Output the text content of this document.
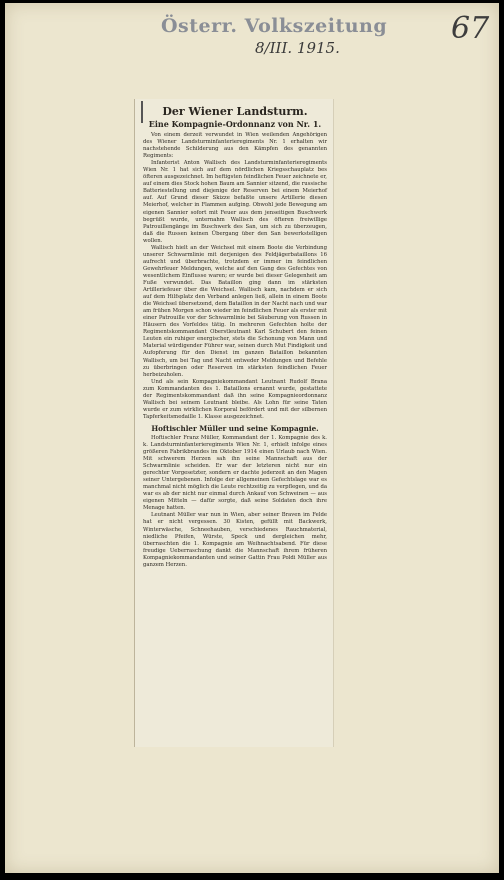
Österr. Volkszeitung
8/III. 1915.
67
Der Wiener Landsturm.
Eine Kompagnie-Ordonnanz von Nr. 1.

Von einem derzeit verwundet in Wien weilenden Angehörigen des Wiener Landsturminfanterieregiments Nr. 1 erhalten wir nachstehende Schilderung aus den Kämpfen des genannten Regiments:

Infanterist Anton Wallisch des Landsturminfanterieregiments Wien Nr. 1 hat sich auf dem nördlichen Kriegsschauplatz bes öfteren ausgezeichnet. Im heftigsten feindlichen Feuer zeichnete er, auf einem dies Stock hohen Baum am Sannier sitzend, die russische Batteriestellung und diejenige der Reserven bei einem Meierhof auf. Auf Grund dieser Skizze befaßte unsere Artillerie diesen Meierhof, welcher in Flammen aufging. Obwohl jede Bewegung am eigenen Sannier sofort mit Feuer aus dem jenseitigen Buschwerk begrüßt wurde, unternahm Wallisch des öfteren freiwillige Patrouillengänge im Buschwerk des San, um sich zu überzeugen, daß die Russen keinen Übergang über den San bewerkstelligen wollen.

Wallisch hielt an der Weichsel mit einem Boote die Verbindung unserer Schwarmlinie mit derjenigen des Feldjägerbataillons 16 aufrecht und überbrachte, trotzdem er immer im feindlichen Gewehrfeuer Meldungen, welche auf den Gang des Gefechtes von wesentlichem Einflusse waren; er wurde bei dieser Gelegenheit am Fuße verwundet. Das Bataillon ging dann im stärksten Artilleriefeuer über die Weichsel. Wallisch kam, nachdem er sich auf dem Hilfsplatz den Verband anlegen ließ, allein in einem Boote die Weichsel übersetzend, dem Bataillon in der Nacht nach und war am frühen Morgen schon wieder im feindlichen Feuer als erster mit einer Patrouille vor der Schwarmlinie bei Säuberung von Russen in Häusern des Vorfeldes tätig. In mehreren Gefechten holte der Regimentskommandant Oberstleutnant Karl Schubert den feinen Leuten ein ruhiger energischer, stets die Schonung von Mann und Material würdigender Führer war, seinen durch Mut Findigkeit und Aufopferung für den Dienst im ganzen Bataillon bekannten Wallisch, um bei Tag und Nacht entweder Meldungen und Befehle zu überbringen oder Reserven im stärksten feindlichen Feuer herbeizuholen.

Und als sein Kompagniekommandant Leutnant Rudolf Brana zum Kommandanten des 1. Bataillons ernannt wurde, gestattete der Regimentskommandant daß ihn seine Kompagnieordonnanz Wallisch bei seinem Leutnant bleibe. Als Lohn für seine Taten wurde er zum wirklichen Korporal befördert und mit der silbernen Tapferkeitsmedaille 1. Klasse ausgezeichnet.

Hoftischler Müller und seine Kompagnie.

Hoftischler Franz Müller, Kommandant der 1. Kompagnie des k. k. Landsturminfanterieregiments Wien Nr. 1, erhielt infolge eines größeren Fabrikbrandes im Oktober 1914 einen Urlaub nach Wien. Mit schwerem Herzen sah ihn seine Mannschaft aus der Schwarmlinie scheiden. Er war der letzteren nicht nur ein gerechter Vorgesetzter, sondern er dachte jederzeit an den Magen seiner Untergebenen. Infolge der allgemeinen Gefechtslage war es manchmal nicht möglich die Leute rechtzeitig zu verpflegen, und da war es ab der nicht nur einmal durch Ankauf von Schweinen — aus eigenen Mitteln — dafür sorgte, daß seine Soldaten doch ihre Menage hatten.

Leutnant Müller war nun in Wien, aber seiner Braven im Felde hat er nicht vergessen. 30 Kisten, gefüllt mit Backwerk, Winterwäsche, Schneehauben, verschiedenes Rauchmaterial, niedliche Pfeifen, Würste, Speck und dergleichen mehr, überraschten die 1. Kompagnie am Weihnachtsabend. Für diese freudige Ueberraschung dankt die Mannschaft ihrem früheren Kompagniekommandanten und seiner Gattin Frau Poldi Müller aus ganzem Herzen.
